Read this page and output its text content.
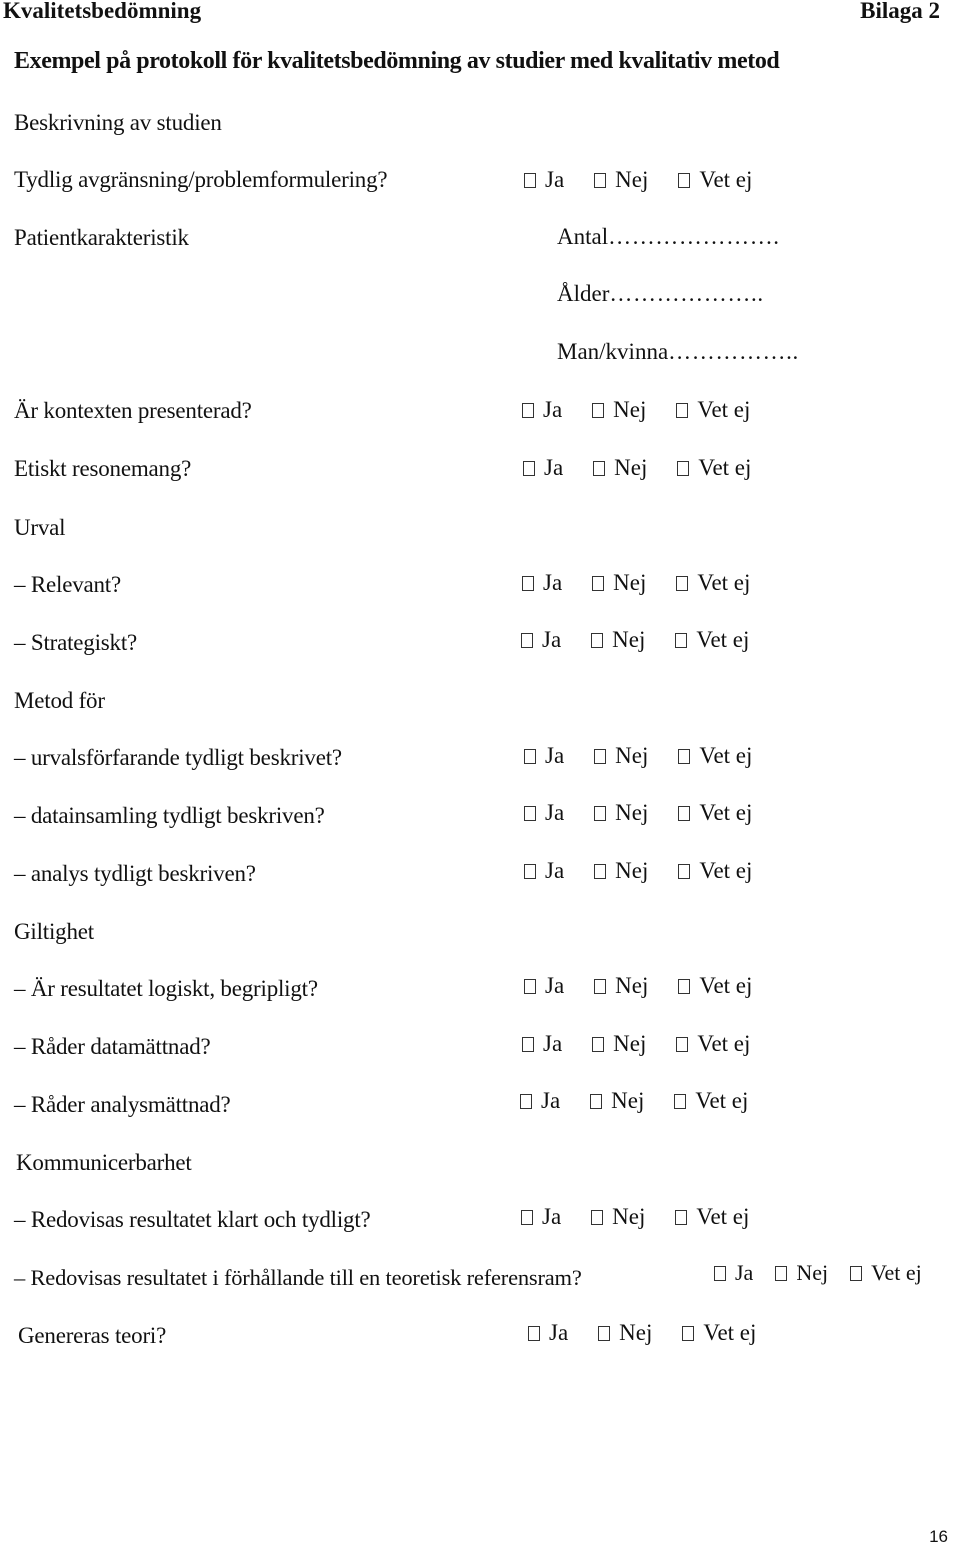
Kvalitetsbedömning	Bilaga 2
Exempel på protokoll för kvalitetsbedömning av studier med kvalitativ metod
Beskrivning av studien
Tydlig avgränsning/problemformulering?	Ja Nej Vet ej
Patientkarakteristik	Antal………………….
Ålder………………..
Man/kvinna……………..
Är kontexten presenterad?	Ja Nej Vet ej
Etiskt resonemang?	Ja Nej Vet ej
Urval
– Relevant?	Ja Nej Vet ej
– Strategiskt?	Ja Nej Vet ej
Metod för
– urvalsförfarande tydligt beskrivet?	Ja Nej Vet ej
– datainsamling tydligt beskriven?	Ja Nej Vet ej
– analys tydligt beskriven?	Ja Nej Vet ej
Giltighet
– Är resultatet logiskt, begripligt?	Ja Nej Vet ej
– Råder datamättnad?	Ja Nej Vet ej
– Råder analysmättnad?	Ja Nej Vet ej
Kommunicerbarhet
– Redovisas resultatet klart och tydligt?	Ja Nej Vet ej
– Redovisas resultatet i förhållande till en teoretisk referensram?	Ja Nej Vet ej
Genereras teori?	Ja Nej Vet ej
16
